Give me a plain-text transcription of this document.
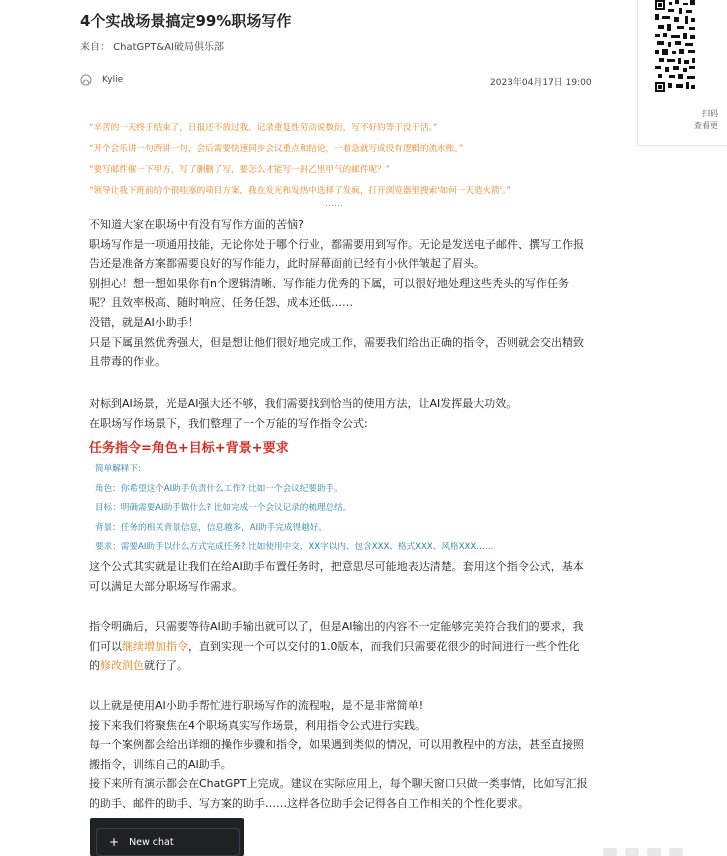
4个实战场景搞定99%职场写作
来自： ChatGPT&AI破局俱乐部
Kylie	2023年04月17日 19:00
扫码
查看更
“辛苦的一天终于结束了，日报还不放过我。记录重复性劳动说数衍，写不好钓等于没干活。”
“开个会乐讲一句西讲一句，会后需要快速同步会议重点和结论，一着急就写成没有逻辑的流水账。”
“要写邮件催一下甲方，写了删删了写，要怎么才能写一封乙里甲气的邮件呢？”
“领导让我下班前给个很哇塞的项目方案，我在发光和发热中选择了发疯，打开浏览器里搜索'如何一天造火箭'。”
……

不知道大家在职场中有没有写作方面的苦恼?

职场写作是一项通用技能，无论你处于哪个行业，都需要用到写作。无论是发送电子邮件、撰写工作报告还是准备方案都需要良好的写作能力，此时屏幕面前已经有小伙伴皱起了眉头。

别担心！想一想如果你有n个逻辑清晰、写作能力优秀的下属，可以很好地处理这些秃头的写作任务呢？且效率极高、随时响应、任务任怨、成本还低……

没错，就是AI小助手！

只是下属虽然优秀强大，但是想让他们很好地完成工作，需要我们给出正确的指令，否则就会交出精致且带毒的作业。

对标到AI场景，光是AI强大还不够，我们需要找到恰当的使用方法，让AI发挥最大功效。

在职场写作场景下，我们整理了一个万能的写作指令公式:

任务指令=角色+目标+背景+要求
简单解释下:
角色：你希望这个AI助手负责什么工作? 比如一个会议纪要助手。
目标：明确需要AI助手做什么? 比如完成一个会议记录的梳理总结。
背景：任务的相关背景信息，信息越多，AI助手完成得越好。
要求：需要AI助手以什么方式完成任务? 比如使用中文、XX字以内、包含XXX、格式XXX、风格XXX……

这个公式其实就是让我们在给AI助手布置任务时，把意思尽可能地表达清楚。套用这个指令公式，基本可以满足大部分职场写作需求。

指令明确后，只需要等待AI助手输出就可以了，但是AI输出的内容不一定能够完美符合我们的要求，我们可以继续增加指令，直到实现一个可以交付的1.0版本，而我们只需要花很少的时间进行一些个性化的修改润色就行了。

以上就是使用AI小助手帮忙进行职场写作的流程啦，是不是非常简单!

接下来我们将聚焦在4个职场真实写作场景，利用指令公式进行实践。

每一个案例都会给出详细的操作步骤和指令，如果遇到类似的情况，可以用教程中的方法，甚至直接照搬指令，训练自己的AI助手。

接下来所有演示都会在ChatGPT上完成。建议在实际应用上，每个聊天窗口只做一类事情，比如写汇报的助手、邮件的助手、写方案的助手……这样各位助手会记得各自工作相关的个性化要求。

+ New chat
